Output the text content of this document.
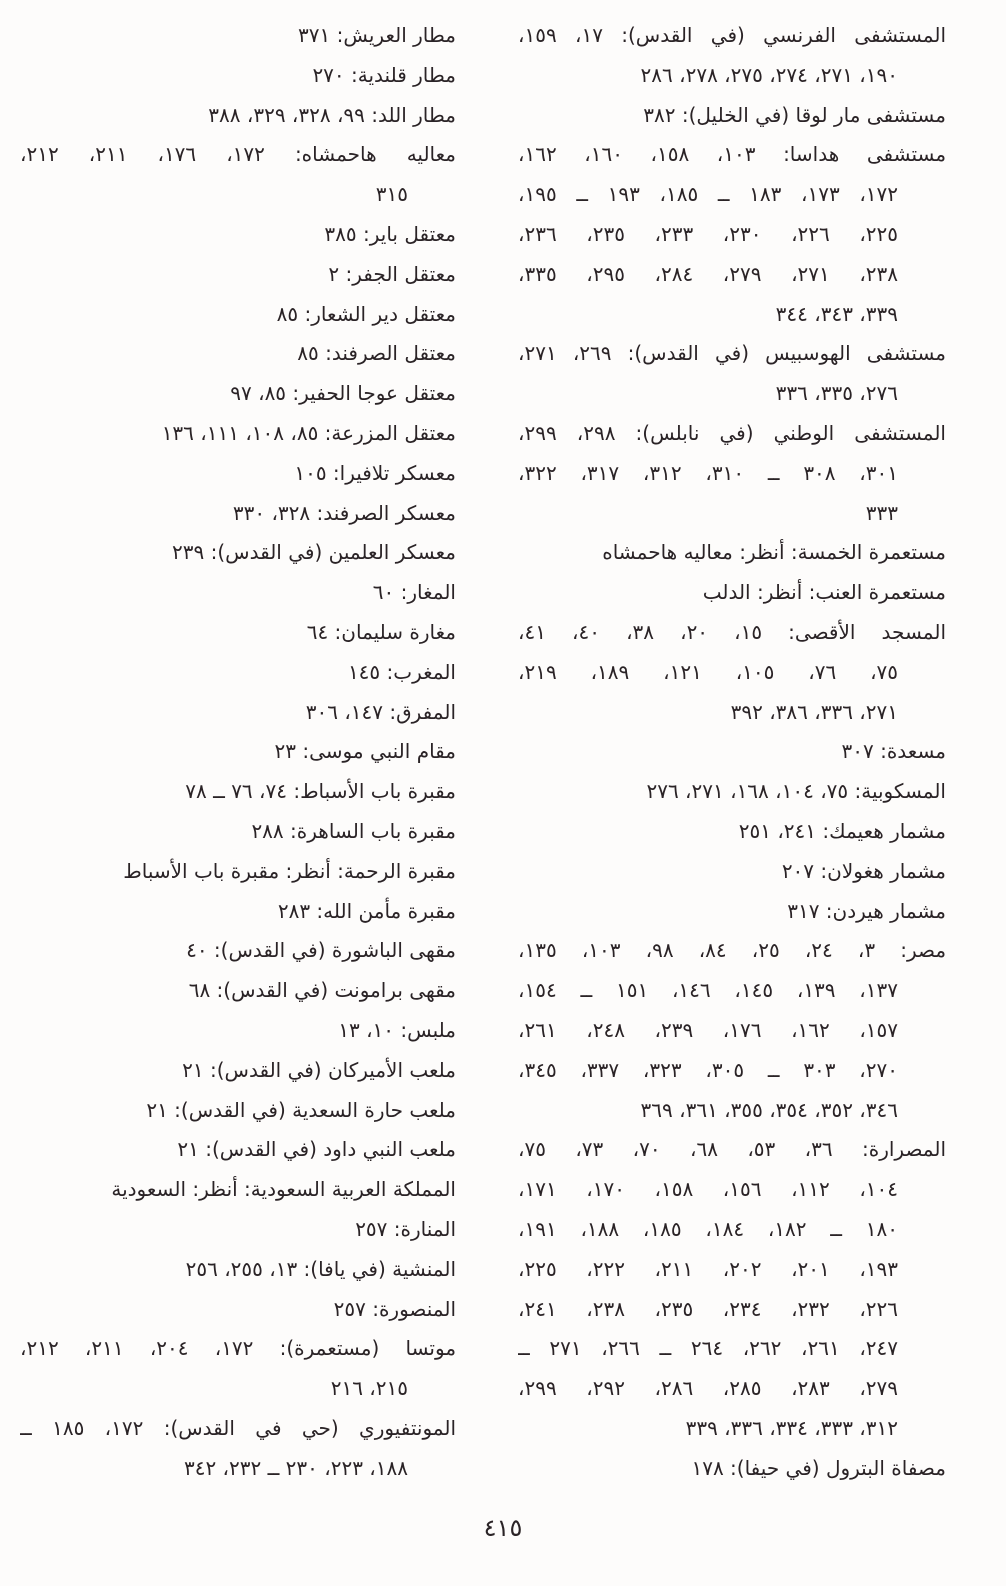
المستشفى الفرنسي (في القدس): ١٧، ١٥٩،
١٩٠، ٢٧١، ٢٧٤، ٢٧٥، ٢٧٨، ٢٨٦
مستشفى مار لوقا (في الخليل): ٣٨٢
مستشفى هداسا: ١٠٣، ١٥٨، ١٦٠، ١٦٢،
١٧٢، ١٧٣، ١٨٣ ــ ١٨٥، ١٩٣ ــ ١٩٥،
٢٢٥، ٢٢٦، ٢٣٠، ٢٣٣، ٢٣٥، ٢٣٦،
٢٣٨، ٢٧١، ٢٧٩، ٢٨٤، ٢٩٥، ٣٣٥،
٣٣٩، ٣٤٣، ٣٤٤
مستشفى الهوسبيس (في القدس): ٢٦٩، ٢٧١،
٢٧٦، ٣٣٥، ٣٣٦
المستشفى الوطني (في نابلس): ٢٩٨، ٢٩٩،
٣٠١، ٣٠٨ ــ ٣١٠، ٣١٢، ٣١٧، ٣٢٢،
٣٣٣
مستعمرة الخمسة: أنظر: معاليه هاحمشاه
مستعمرة العنب: أنظر: الدلب
المسجد الأقصى: ١٥، ٢٠، ٣٨، ٤٠، ٤١،
٧٥، ٧٦، ١٠٥، ١٢١، ١٨٩، ٢١٩،
٢٧١، ٣٣٦، ٣٨٦، ٣٩٢
مسعدة: ٣٠٧
المسكوبية: ٧٥، ١٠٤، ١٦٨، ٢٧١، ٢٧٦
مشمار هعيمك: ٢٤١، ٢٥١
مشمار هغولان: ٢٠٧
مشمار هيردن: ٣١٧
مصر: ٣، ٢٤، ٢٥، ٨٤، ٩٨، ١٠٣، ١٣٥،
١٣٧، ١٣٩، ١٤٥، ١٤٦، ١٥١ ــ ١٥٤،
١٥٧، ١٦٢، ١٧٦، ٢٣٩، ٢٤٨، ٢٦١،
٢٧٠، ٣٠٣ ــ ٣٠٥، ٣٢٣، ٣٣٧، ٣٤٥،
٣٤٦، ٣٥٢، ٣٥٤، ٣٥٥، ٣٦١، ٣٦٩
المصرارة: ٣٦، ٥٣، ٦٨، ٧٠، ٧٣، ٧٥،
١٠٤، ١١٢، ١٥٦، ١٥٨، ١٧٠، ١٧١،
١٨٠ ــ ١٨٢، ١٨٤، ١٨٥، ١٨٨، ١٩١،
١٩٣، ٢٠١، ٢٠٢، ٢١١، ٢٢٢، ٢٢٥،
٢٢٦، ٢٣٢، ٢٣٤، ٢٣٥، ٢٣٨، ٢٤١،
٢٤٧، ٢٦١، ٢٦٢، ٢٦٤ ــ ٢٦٦، ٢٧١ ــ
٢٧٩، ٢٨٣، ٢٨٥، ٢٨٦، ٢٩٢، ٢٩٩،
٣١٢، ٣٣٣، ٣٣٤، ٣٣٦، ٣٣٩
مصفاة البترول (في حيفا): ١٧٨
مطار العريش: ٣٧١
مطار قلندية: ٢٧٠
مطار اللد: ٩٩، ٣٢٨، ٣٢٩، ٣٨٨
معاليه هاحمشاه: ١٧٢، ١٧٦، ٢١١، ٢١٢،
٣١٥
معتقل باير: ٣٨٥
معتقل الجفر: ٢
معتقل دير الشعار: ٨٥
معتقل الصرفند: ٨٥
معتقل عوجا الحفير: ٨٥، ٩٧
معتقل المزرعة: ٨٥، ١٠٨، ١١١، ١٣٦
معسكر تلافيرا: ١٠٥
معسكر الصرفند: ٣٢٨، ٣٣٠
معسكر العلمين (في القدس): ٢٣٩
المغار: ٦٠
مغارة سليمان: ٦٤
المغرب: ١٤٥
المفرق: ١٤٧، ٣٠٦
مقام النبي موسى: ٢٣
مقبرة باب الأسباط: ٧٤، ٧٦ ــ ٧٨
مقبرة باب الساهرة: ٢٨٨
مقبرة الرحمة: أنظر: مقبرة باب الأسباط
مقبرة مأمن الله: ٢٨٣
مقهى الباشورة (في القدس): ٤٠
مقهى برامونت (في القدس): ٦٨
ملبس: ١٠، ١٣
ملعب الأميركان (في القدس): ٢١
ملعب حارة السعدية (في القدس): ٢١
ملعب النبي داود (في القدس): ٢١
المملكة العربية السعودية: أنظر: السعودية
المنارة: ٢٥٧
المنشية (في يافا): ١٣، ٢٥٥، ٢٥٦
المنصورة: ٢٥٧
موتسا (مستعمرة): ١٧٢، ٢٠٤، ٢١١، ٢١٢،
٢١٥، ٢١٦
المونتفيوري (حي في القدس): ١٧٢، ١٨٥ ــ
١٨٨، ٢٢٣، ٢٣٠ ــ ٢٣٢، ٣٤٢
٤١٥
